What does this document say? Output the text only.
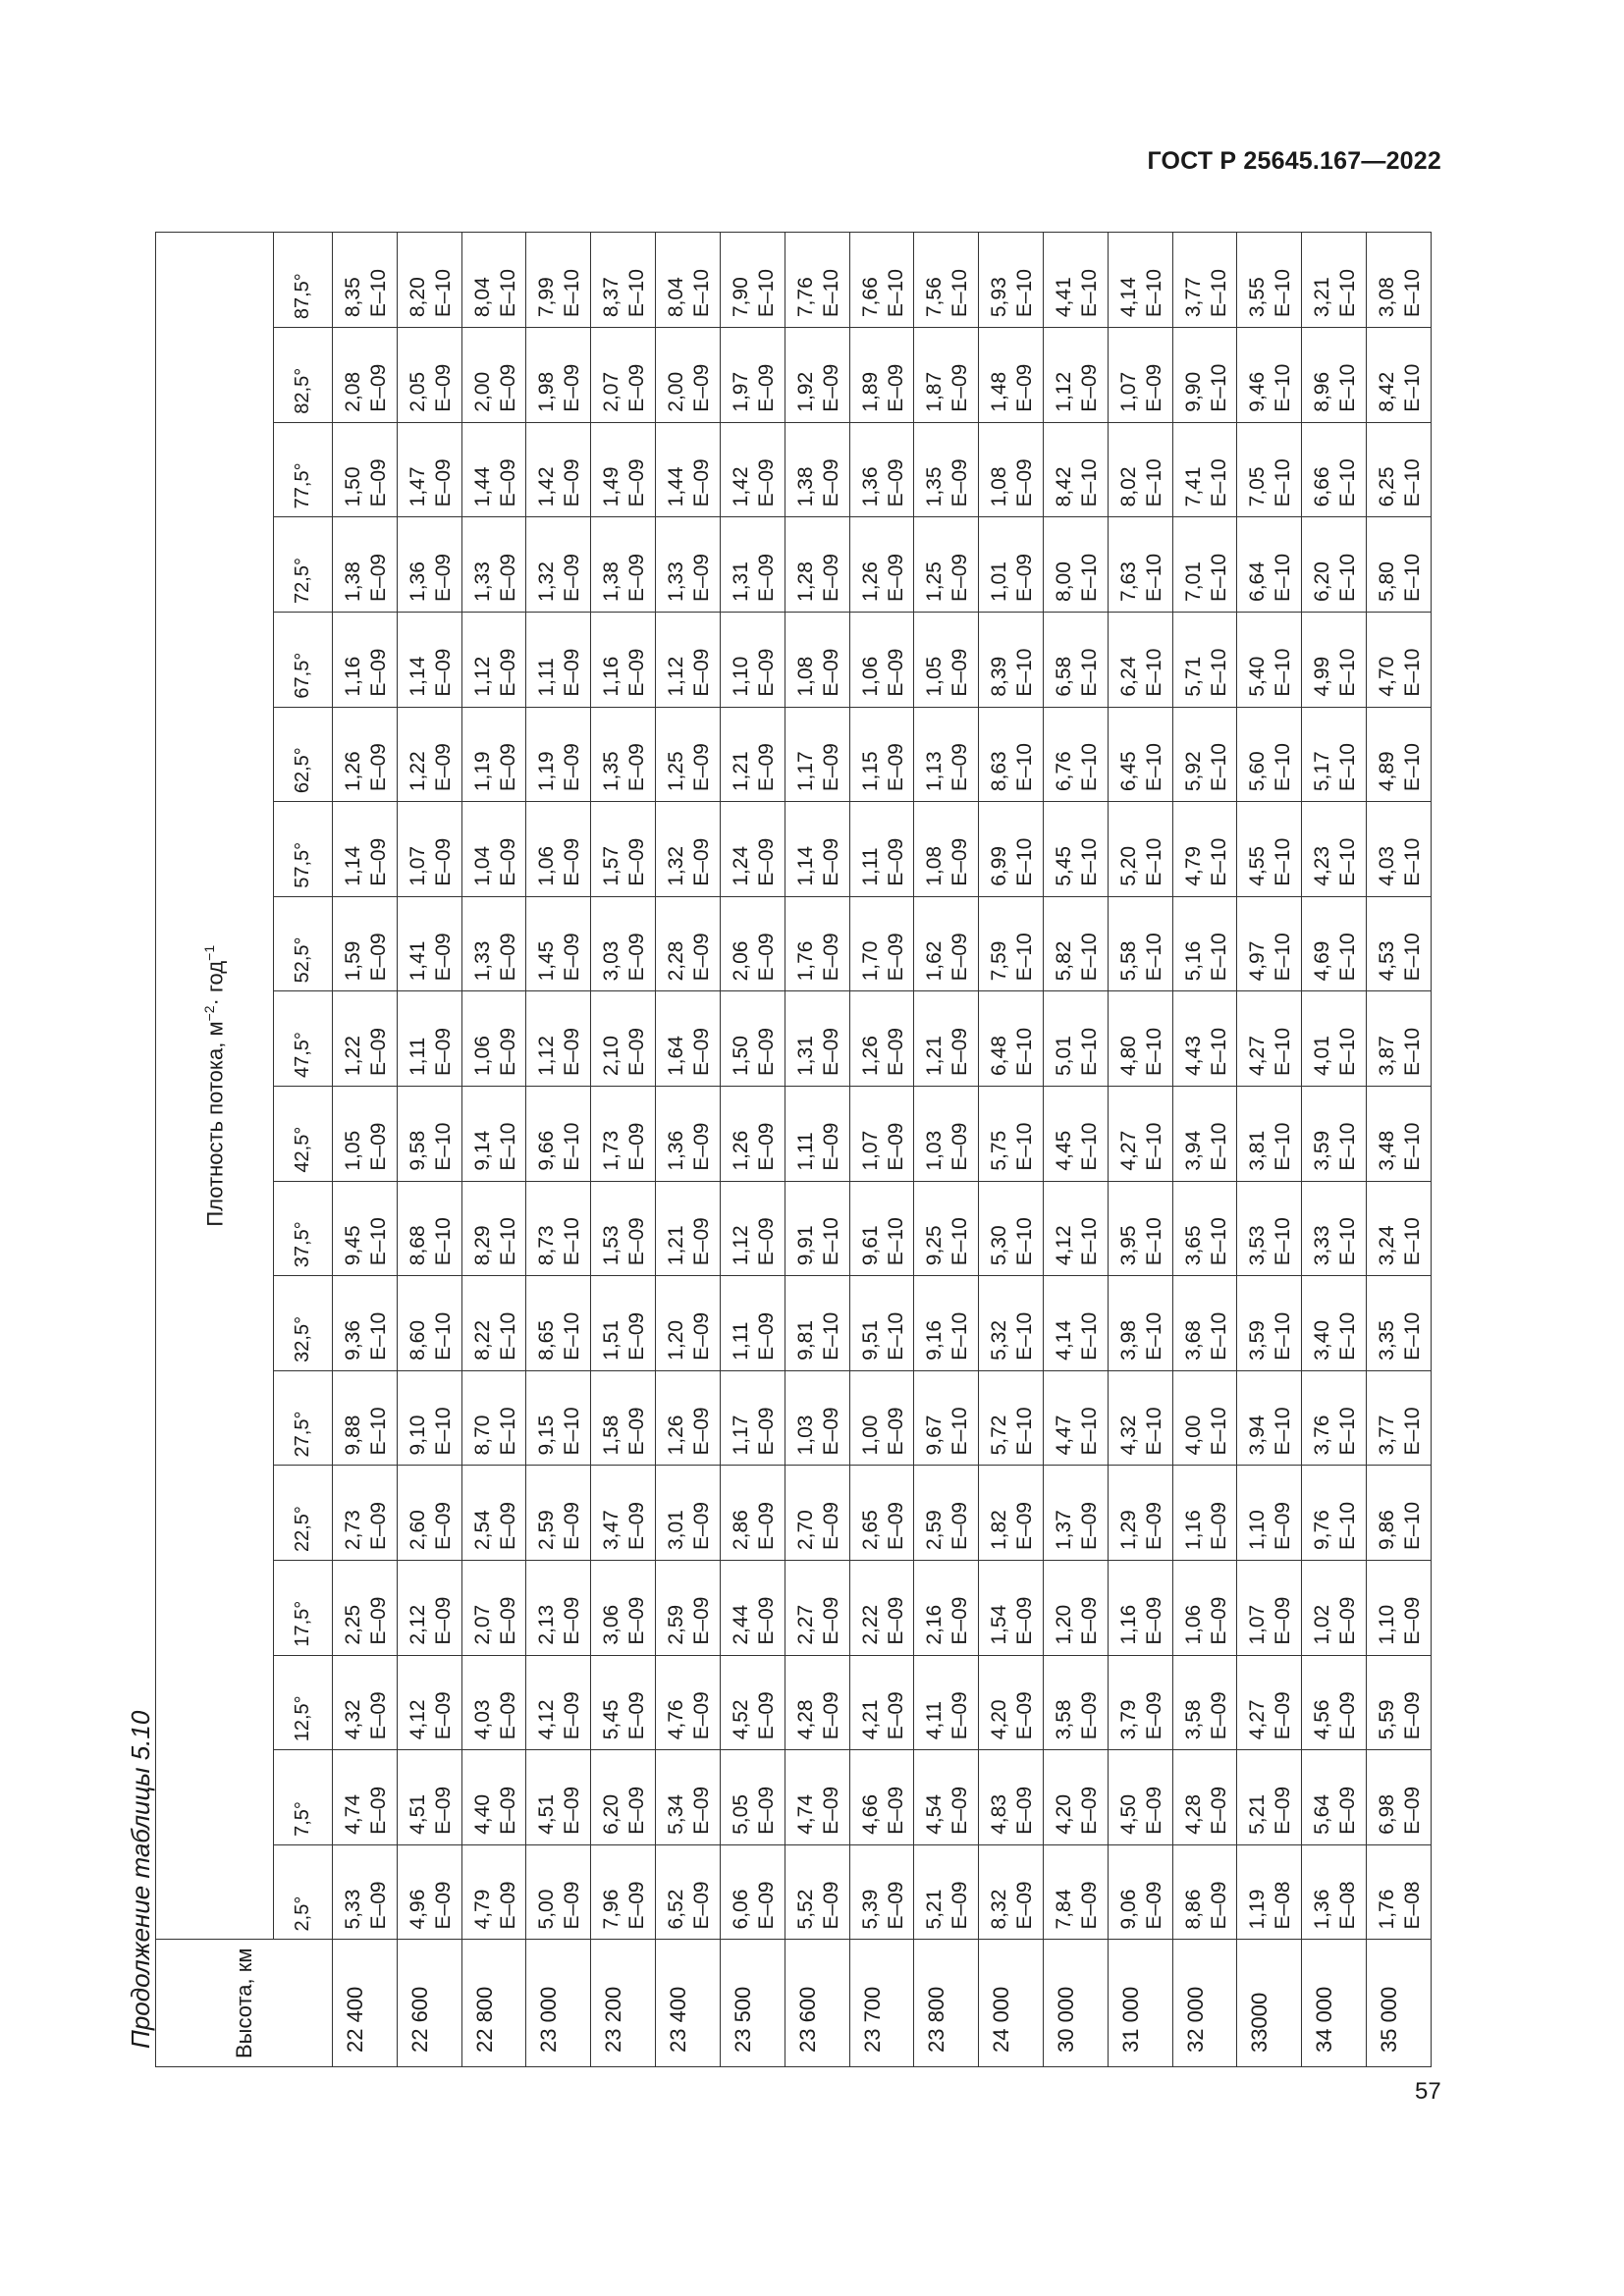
ГОСТ Р 25645.167—2022
Продолжение таблицы 5.10	Высота, км	Плотность потока, $м^{-2}\cdot год^{-1}$
	2,5°	7,5°	12,5°	17,5°	22,5°	27,5°	32,5°	37,5°	42,5°	47,5°	52,5°	57,5°	62,5°	67,5°	72,5°	77,5°	82,5°	87,5°
22 400	5,33 E–09	4,74 E–09	4,32 E–09	2,25 E–09	2,73 E–09	9,88 E–10	9,36 E–10	9,45 E–10	1,05 E–09	1,22 E–09	1,59 E–09	1,14 E–09	1,26 E–09	1,16 E–09	1,38 E–09	1,50 E–09	2,08 E–09	8,35 E–10

22 600	4,96 E–09	4,51 E–09	4,12 E–09	2,12 E–09	2,60 E–09	9,10 E–10	8,60 E–10	8,68 E–10	9,58 E–10	1,11 E–09	1,41 E–09	1,07 E–09	1,22 E–09	1,14 E–09	1,36 E–09	1,47 E–09	2,05 E–09	8,20 E–10

22 800	4,79 E–09	4,40 E–09	4,03 E–09	2,07 E–09	2,54 E–09	8,70 E–10	8,22 E–10	8,29 E–10	9,14 E–10	1,06 E–09	1,33 E–09	1,04 E–09	1,19 E–09	1,12 E–09	1,33 E–09	1,44 E–09	2,00 E–09	8,04 E–10

23 000	5,00 E–09	4,51 E–09	4,12 E–09	2,13 E–09	2,59 E–09	9,15 E–10	8,65 E–10	8,73 E–10	9,66 E–10	1,12 E–09	1,45 E–09	1,06 E–09	1,19 E–09	1,11 E–09	1,32 E–09	1,42 E–09	1,98 E–09	7,99 E–10

23 200	7,96 E–09	6,20 E–09	5,45 E–09	3,06 E–09	3,47 E–09	1,58 E–09	1,51 E–09	1,53 E–09	1,73 E–09	2,10 E–09	3,03 E–09	1,57 E–09	1,35 E–09	1,16 E–09	1,38 E–09	1,49 E–09	2,07 E–09	8,37 E–10

23 400	6,52 E–09	5,34 E–09	4,76 E–09	2,59 E–09	3,01 E–09	1,26 E–09	1,20 E–09	1,21 E–09	1,36 E–09	1,64 E–09	2,28 E–09	1,32 E–09	1,25 E–09	1,12 E–09	1,33 E–09	1,44 E–09	2,00 E–09	8,04 E–10

23 500	6,06 E–09	5,05 E–09	4,52 E–09	2,44 E–09	2,86 E–09	1,17 E–09	1,11 E–09	1,12 E–09	1,26 E–09	1,50 E–09	2,06 E–09	1,24 E–09	1,21 E–09	1,10 E–09	1,31 E–09	1,42 E–09	1,97 E–09	7,90 E–10

23 600	5,52 E–09	4,74 E–09	4,28 E–09	2,27 E–09	2,70 E–09	1,03 E–09	9,81 E–10	9,91 E–10	1,11 E–09	1,31 E–09	1,76 E–09	1,14 E–09	1,17 E–09	1,08 E–09	1,28 E–09	1,38 E–09	1,92 E–09	7,76 E–10

23 700	5,39 E–09	4,66 E–09	4,21 E–09	2,22 E–09	2,65 E–09	1,00 E–09	9,51 E–10	9,61 E–10	1,07 E–09	1,26 E–09	1,70 E–09	1,11 E–09	1,15 E–09	1,06 E–09	1,26 E–09	1,36 E–09	1,89 E–09	7,66 E–10

23 800	5,21 E–09	4,54 E–09	4,11 E–09	2,16 E–09	2,59 E–09	9,67 E–10	9,16 E–10	9,25 E–10	1,03 E–09	1,21 E–09	1,62 E–09	1,08 E–09	1,13 E–09	1,05 E–09	1,25 E–09	1,35 E–09	1,87 E–09	7,56 E–10

24 000	8,32 E–09	4,83 E–09	4,20 E–09	1,54 E–09	1,82 E–09	5,72 E–10	5,32 E–10	5,30 E–10	5,75 E–10	6,48 E–10	7,59 E–10	6,99 E–10	8,63 E–10	8,39 E–10	1,01 E–09	1,08 E–09	1,48 E–09	5,93 E–10

30 000	7,84 E–09	4,20 E–09	3,58 E–09	1,20 E–09	1,37 E–09	4,47 E–10	4,14 E–10	4,12 E–10	4,45 E–10	5,01 E–10	5,82 E–10	5,45 E–10	6,76 E–10	6,58 E–10	8,00 E–10	8,42 E–10	1,12 E–09	4,41 E–10

31 000	9,06 E–09	4,50 E–09	3,79 E–09	1,16 E–09	1,29 E–09	4,32 E–10	3,98 E–10	3,95 E–10	4,27 E–10	4,80 E–10	5,58 E–10	5,20 E–10	6,45 E–10	6,24 E–10	7,63 E–10	8,02 E–10	1,07 E–09	4,14 E–10

32 000	8,86 E–09	4,28 E–09	3,58 E–09	1,06 E–09	1,16 E–09	4,00 E–10	3,68 E–10	3,65 E–10	3,94 E–10	4,43 E–10	5,16 E–10	4,79 E–10	5,92 E–10	5,71 E–10	7,01 E–10	7,41 E–10	9,90 E–10	3,77 E–10

33000	1,19 E–08	5,21 E–09	4,27 E–09	1,07 E–09	1,10 E–09	3,94 E–10	3,59 E–10	3,53 E–10	3,81 E–10	4,27 E–10	4,97 E–10	4,55 E–10	5,60 E–10	5,40 E–10	6,64 E–10	7,05 E–10	9,46 E–10	3,55 E–10

34 000	1,36 E–08	5,64 E–09	4,56 E–09	1,02 E–09	9,76 E–10	3,76 E–10	3,40 E–10	3,33 E–10	3,59 E–10	4,01 E–10	4,69 E–10	4,23 E–10	5,17 E–10	4,99 E–10	6,20 E–10	6,66 E–10	8,96 E–10	3,21 E–10

35 000	1,76 E–08	6,98 E–09	5,59 E–09	1,10 E–09	9,86 E–10	3,77 E–10	3,35 E–10	3,24 E–10	3,48 E–10	3,87 E–10	4,53 E–10	4,03 E–10	4,89 E–10	4,70 E–10	5,80 E–10	6,25 E–10	8,42 E–10	3,08 E–10
57
